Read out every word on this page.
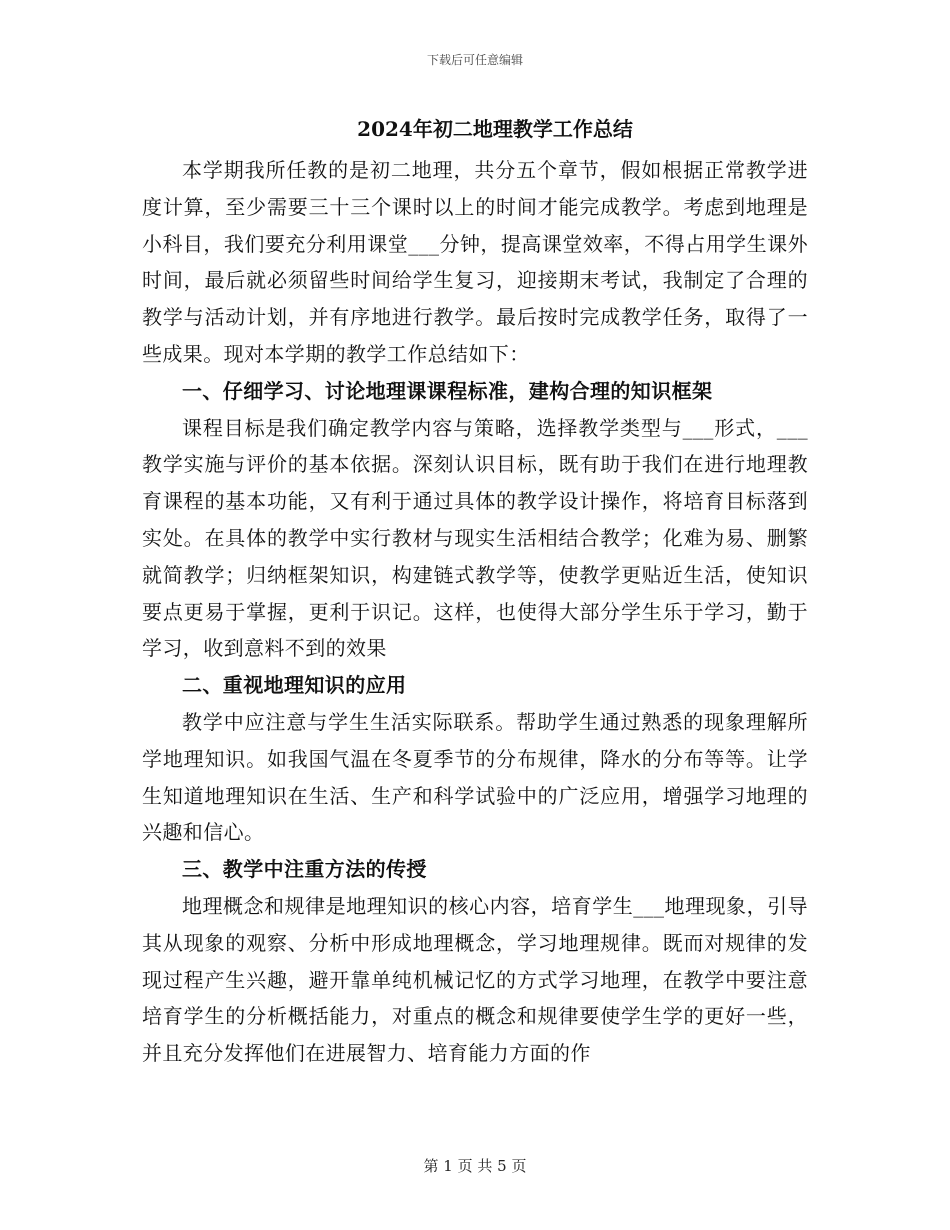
下载后可任意编辑
2024年初二地理教学工作总结

本学期我所任教的是初二地理，共分五个章节，假如根据正常教学进度计算，至少需要三十三个课时以上的时间才能完成教学。考虑到地理是小科目，我们要充分利用课堂___分钟，提高课堂效率，不得占用学生课外时间，最后就必须留些时间给学生复习，迎接期末考试，我制定了合理的教学与活动计划，并有序地进行教学。最后按时完成教学任务，取得了一些成果。现对本学期的教学工作总结如下：

一、仔细学习、讨论地理课课程标准，建构合理的知识框架

课程目标是我们确定教学内容与策略，选择教学类型与___形式，___教学实施与评价的基本依据。深刻认识目标，既有助于我们在进行地理教育课程的基本功能，又有利于通过具体的教学设计操作，将培育目标落到实处。在具体的教学中实行教材与现实生活相结合教学；化难为易、删繁就简教学；归纳框架知识，构建链式教学等，使教学更贴近生活，使知识要点更易于掌握，更利于识记。这样，也使得大部分学生乐于学习，勤于学习，收到意料不到的效果

二、重视地理知识的应用

教学中应注意与学生生活实际联系。帮助学生通过熟悉的现象理解所学地理知识。如我国气温在冬夏季节的分布规律，降水的分布等等。让学生知道地理知识在生活、生产和科学试验中的广泛应用，增强学习地理的兴趣和信心。

三、教学中注重方法的传授

地理概念和规律是地理知识的核心内容，培育学生___地理现象，引导其从现象的观察、分析中形成地理概念，学习地理规律。既而对规律的发现过程产生兴趣，避开靠单纯机械记忆的方式学习地理，在教学中要注意培育学生的分析概括能力，对重点的概念和规律要使学生学的更好一些，并且充分发挥他们在进展智力、培育能力方面的作

第 1 页 共 5 页
